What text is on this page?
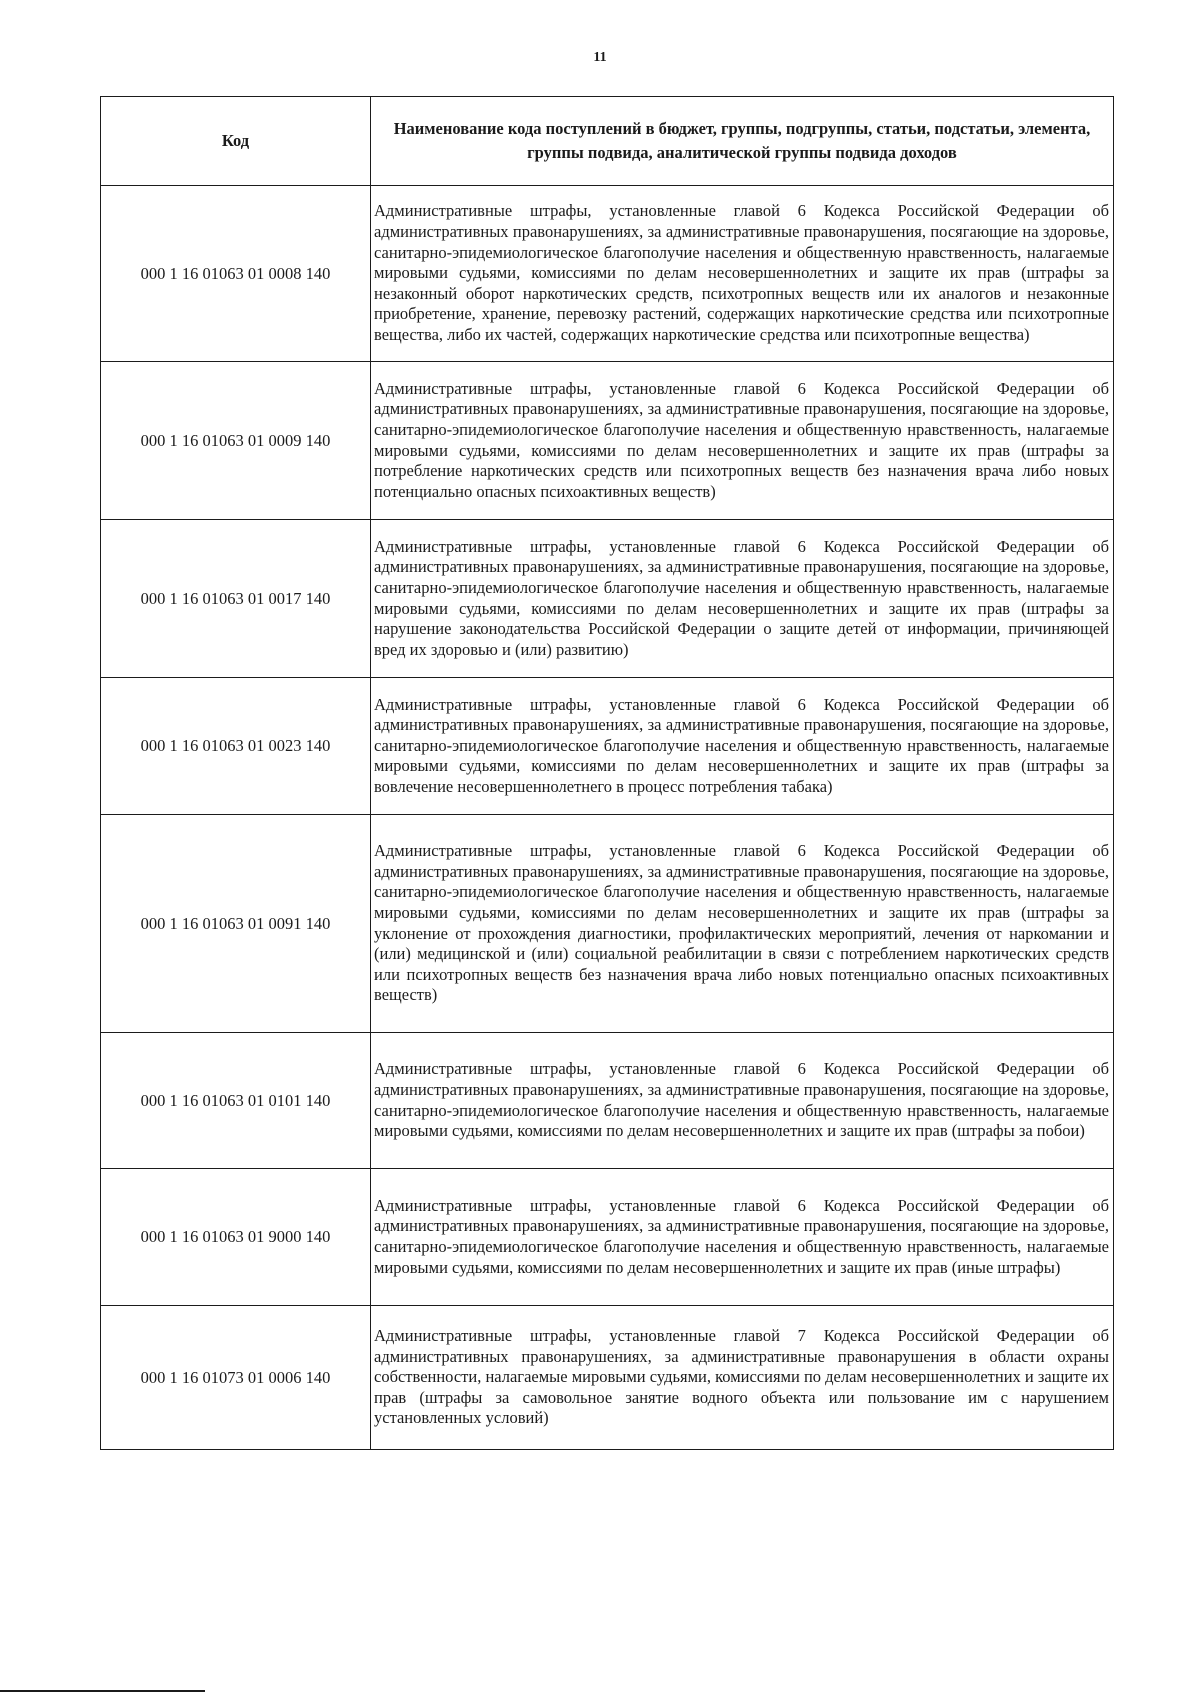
11
Код	Наименование кода поступлений в бюджет, группы, подгруппы, статьи, подстатьи, элемента, группы подвида, аналитической группы подвида доходов
000 1 16 01063 01 0008 140	Административные штрафы, установленные главой 6 Кодекса Российской Федерации об административных правонарушениях, за административные правонарушения, посягающие на здоровье, санитарно-эпидемиологическое благополучие населения и общественную нравственность, налагаемые мировыми судьями, комиссиями по делам несовершеннолетних и защите их прав (штрафы за незаконный оборот наркотических средств, психотропных веществ или их аналогов и незаконные приобретение, хранение, перевозку растений, содержащих наркотические средства или психотропные вещества, либо их частей, содержащих наркотические средства или психотропные вещества)
000 1 16 01063 01 0009 140	Административные штрафы, установленные главой 6 Кодекса Российской Федерации об административных правонарушениях, за административные правонарушения, посягающие на здоровье, санитарно-эпидемиологическое благополучие населения и общественную нравственность, налагаемые мировыми судьями, комиссиями по делам несовершеннолетних и защите их прав (штрафы за потребление наркотических средств или психотропных веществ без назначения врача либо новых потенциально опасных психоактивных веществ)
000 1 16 01063 01 0017 140	Административные штрафы, установленные главой 6 Кодекса Российской Федерации об административных правонарушениях, за административные правонарушения, посягающие на здоровье, санитарно-эпидемиологическое благополучие населения и общественную нравственность, налагаемые мировыми судьями, комиссиями по делам несовершеннолетних и защите их прав (штрафы за нарушение законодательства Российской Федерации о защите детей от информации, причиняющей вред их здоровью и (или) развитию)
000 1 16 01063 01 0023 140	Административные штрафы, установленные главой 6 Кодекса Российской Федерации об административных правонарушениях, за административные правонарушения, посягающие на здоровье, санитарно-эпидемиологическое благополучие населения и общественную нравственность, налагаемые мировыми судьями, комиссиями по делам несовершеннолетних и защите их прав (штрафы за вовлечение несовершеннолетнего в процесс потребления табака)
000 1 16 01063 01 0091 140	Административные штрафы, установленные главой 6 Кодекса Российской Федерации об административных правонарушениях, за административные правонарушения, посягающие на здоровье, санитарно-эпидемиологическое благополучие населения и общественную нравственность, налагаемые мировыми судьями, комиссиями по делам несовершеннолетних и защите их прав (штрафы за уклонение от прохождения диагностики, профилактических мероприятий, лечения от наркомании и (или) медицинской и (или) социальной реабилитации в связи с потреблением наркотических средств или психотропных веществ без назначения врача либо новых потенциально опасных психоактивных веществ)
000 1 16 01063 01 0101 140	Административные штрафы, установленные главой 6 Кодекса Российской Федерации об административных правонарушениях, за административные правонарушения, посягающие на здоровье, санитарно-эпидемиологическое благополучие населения и общественную нравственность, налагаемые мировыми судьями, комиссиями по делам несовершеннолетних и защите их прав (штрафы за побои)
000 1 16 01063 01 9000 140	Административные штрафы, установленные главой 6 Кодекса Российской Федерации об административных правонарушениях, за административные правонарушения, посягающие на здоровье, санитарно-эпидемиологическое благополучие населения и общественную нравственность, налагаемые мировыми судьями, комиссиями по делам несовершеннолетних и защите их прав (иные штрафы)
000 1 16 01073 01 0006 140	Административные штрафы, установленные главой 7 Кодекса Российской Федерации об административных правонарушениях, за административные правонарушения в области охраны собственности, налагаемые мировыми судьями, комиссиями по делам несовершеннолетних и защите их прав (штрафы за самовольное занятие водного объекта или пользование им с нарушением установленных условий)
